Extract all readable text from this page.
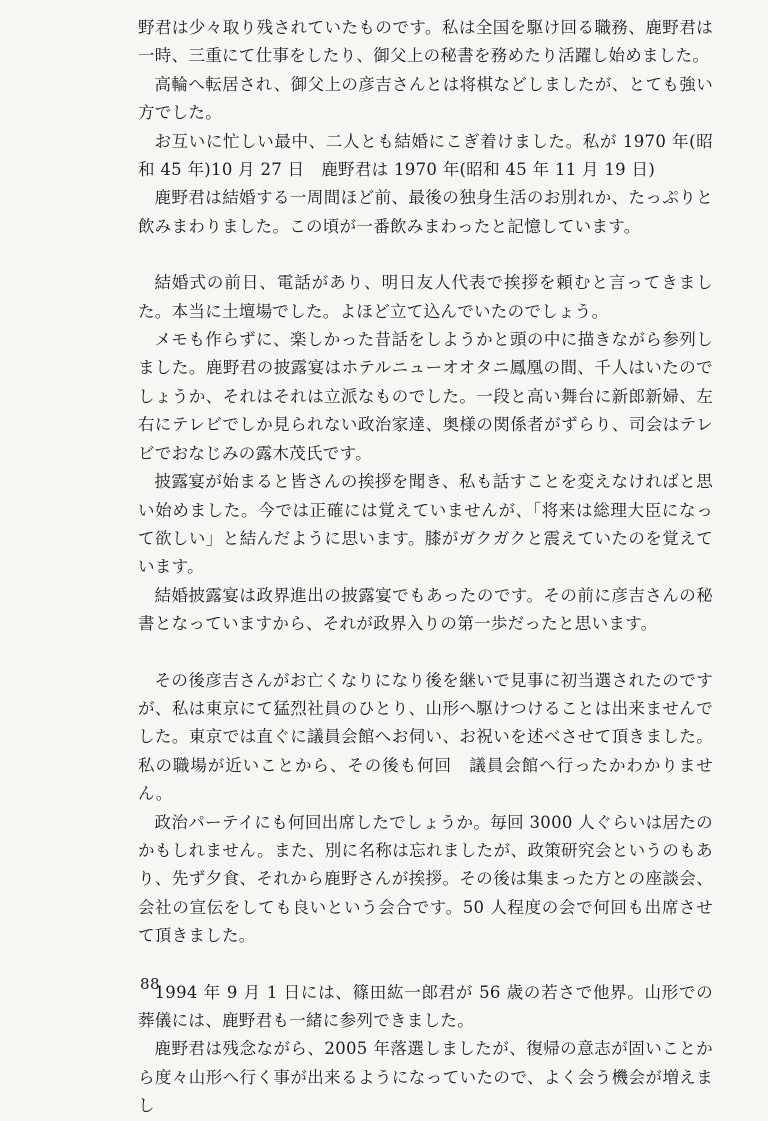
野君は少々取り残されていたものです。私は全国を駆け回る職務、鹿野君は一時、三重にて仕事をしたり、御父上の秘書を務めたり活躍し始めました。

高輪へ転居され、御父上の彦吉さんとは将棋などしましたが、とても強い方でした。

お互いに忙しい最中、二人とも結婚にこぎ着けました。私が 1970 年(昭和 45 年)10 月 27 日　鹿野君は 1970 年(昭和 45 年 11 月 19 日)

鹿野君は結婚する一周間ほど前、最後の独身生活のお別れか、たっぷりと飲みまわりました。この頃が一番飲みまわったと記憶しています。

結婚式の前日、電話があり、明日友人代表で挨拶を頼むと言ってきました。本当に土壇場でした。よほど立て込んでいたのでしょう。

メモも作らずに、楽しかった昔話をしようかと頭の中に描きながら参列しました。鹿野君の披露宴はホテルニューオオタニ鳳凰の間、千人はいたのでしょうか、それはそれは立派なものでした。一段と高い舞台に新郎新婦、左右にテレビでしか見られない政治家達、奥様の関係者がずらり、司会はテレビでおなじみの露木茂氏です。

披露宴が始まると皆さんの挨拶を聞き、私も話すことを変えなければと思い始めました。今では正確には覚えていませんが、「将来は総理大臣になって欲しい」と結んだように思います。膝がガクガクと震えていたのを覚えています。

結婚披露宴は政界進出の披露宴でもあったのです。その前に彦吉さんの秘書となっていますから、それが政界入りの第一歩だったと思います。

その後彦吉さんがお亡くなりになり後を継いで見事に初当選されたのですが、私は東京にて猛烈社員のひとり、山形へ駆けつけることは出来ませんでした。東京では直ぐに議員会館へお伺い、お祝いを述べさせて頂きました。私の職場が近いことから、その後も何回　議員会館へ行ったかわかりません。

政治パーテイにも何回出席したでしょうか。毎回 3000 人ぐらいは居たのかもしれません。また、別に名称は忘れましたが、政策研究会というのもあり、先ず夕食、それから鹿野さんが挨拶。その後は集まった方との座談会、会社の宣伝をしても良いという会合です。50 人程度の会で何回も出席させて頂きました。

1994 年 9 月 1 日には、篠田紘一郎君が 56 歳の若さで他界。山形での葬儀には、鹿野君も一緒に参列できました。

鹿野君は残念ながら、2005 年落選しましたが、復帰の意志が固いことから度々山形へ行く事が出来るようになっていたので、よく会う機会が増えまし

88
